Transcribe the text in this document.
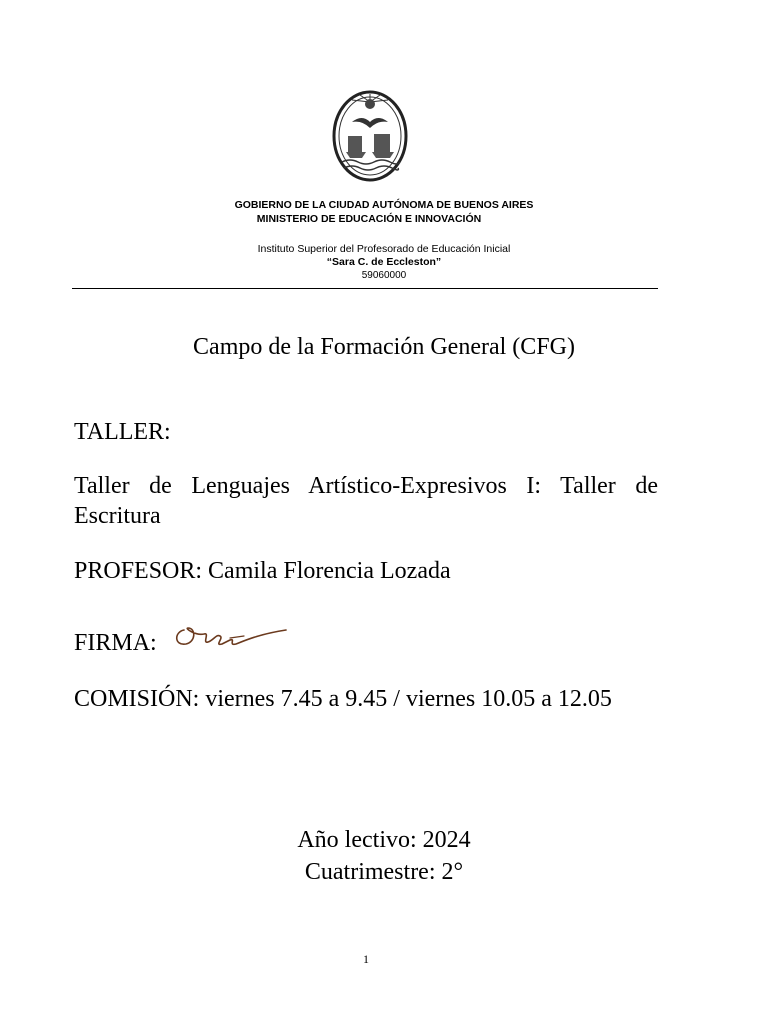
GOBIERNO DE LA CIUDAD AUTÓNOMA DE BUENOS AIRES
MINISTERIO DE EDUCACIÓN E INNOVACIÓN
Instituto Superior del Profesorado de Educación Inicial
“Sara C. de Eccleston”
59060000
Campo de la Formación General (CFG)
TALLER:
Taller de Lenguajes Artístico-Expresivos I: Taller de Escritura
PROFESOR: Camila Florencia Lozada
FIRMA:
COMISIÓN: viernes 7.45 a 9.45 / viernes 10.05 a 12.05
Año lectivo: 2024
Cuatrimestre: 2°
1
